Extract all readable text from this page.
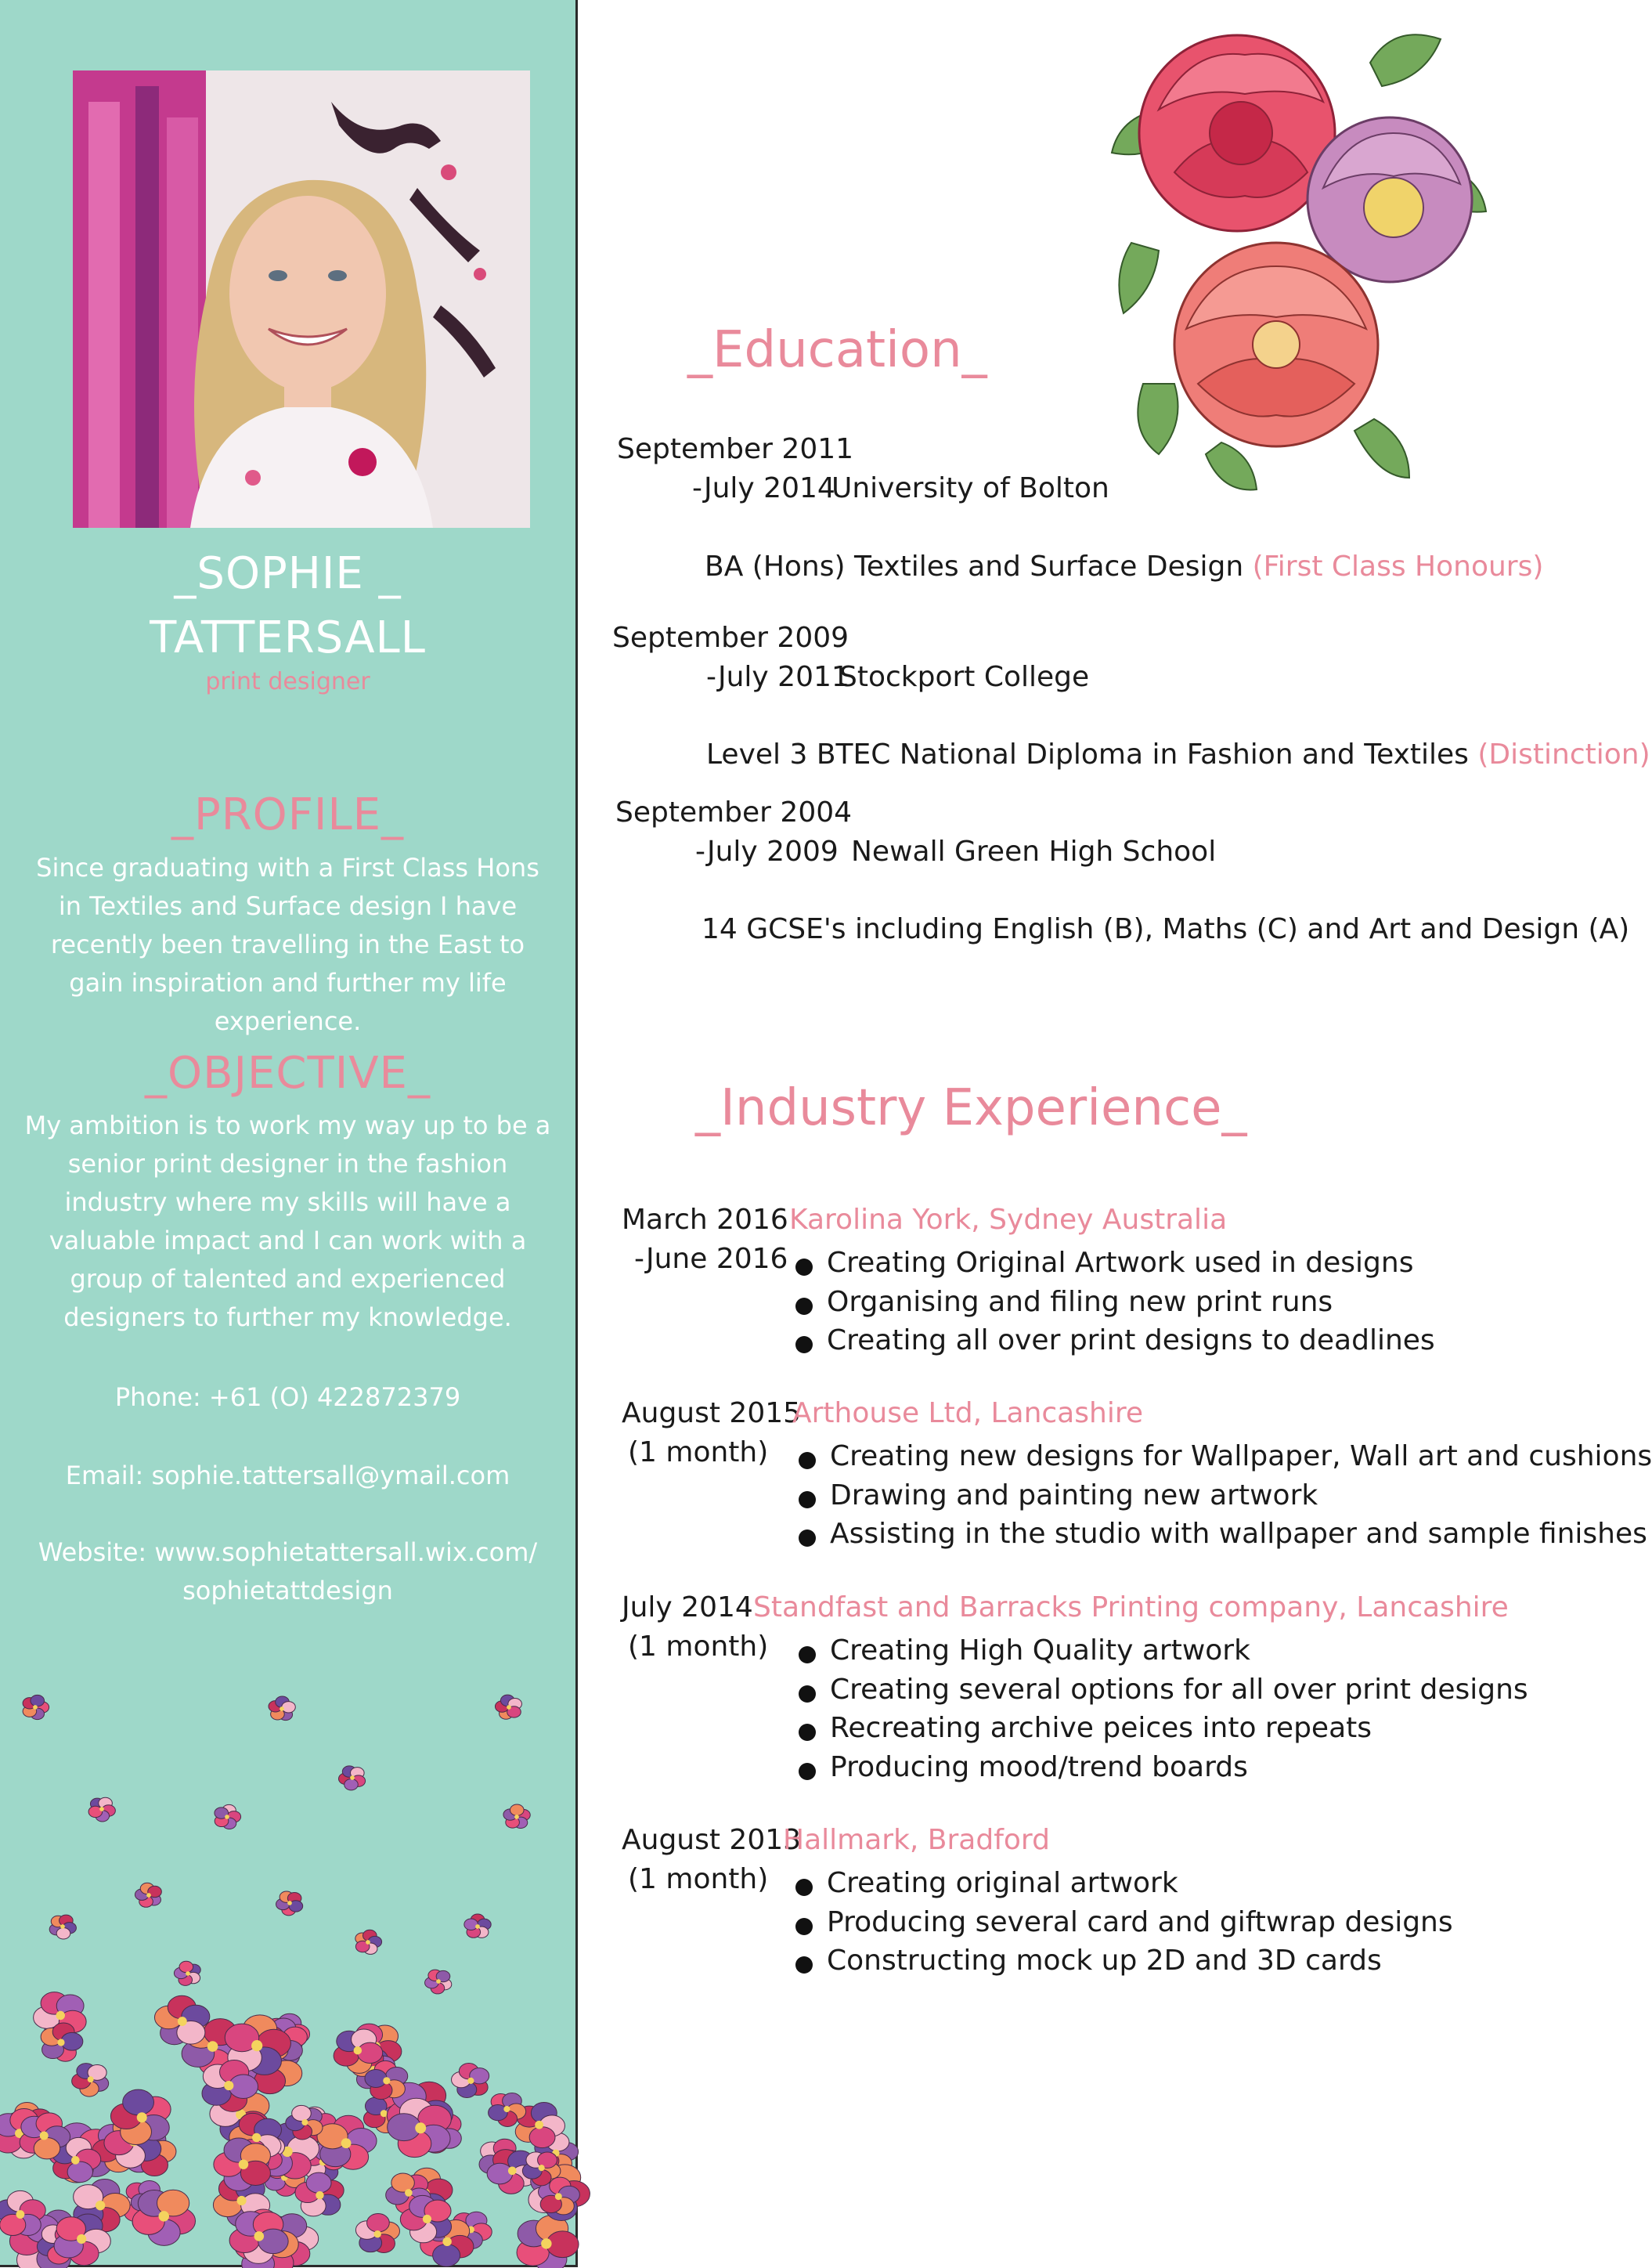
_SOPHIE _
TATTERSALL
print designer
_PROFILE_
Since graduating with a First Class Hons in Textiles and Surface design I have recently been travelling in the East to gain inspiration and further my life experience.
_OBJECTIVE_
My ambition is to work my way up to be a senior print designer in the fashion industry where my skills will have a valuable impact and I can work with a group of talented and experienced designers to further my knowledge.
Phone: +61 (O) 422872379
Email: sophie.tattersall@ymail.com
Website: www.sophietattersall.wix.com/
sophietattdesign
_Education_
September 2011
-July 2014
University of Bolton
BA (Hons) Textiles and Surface Design (First Class Honours)
September 2009
-July 2011
Stockport College
Level 3 BTEC National Diploma in Fashion and Textiles (Distinction)
September 2004
-July 2009 Newall Green High School
14 GCSE's including English (B), Maths (C) and Art and Design (A)
_Industry Experience_
March 2016 Karolina York, Sydney Australia
-June 2016	Creating Original Artwork used in designs
Organising and filing new print runs
Creating all over print designs to deadlines
August 2015
Arthouse Ltd, Lancashire
(1 month)	Creating new designs for Wallpaper, Wall art and cushions
Drawing and painting new artwork
Assisting in the studio with wallpaper and sample finishes
July 2014 Standfast and Barracks Printing company, Lancashire
(1 month)	Creating High Quality artwork
Creating several options for all over print designs
Recreating archive peices into repeats
Producing mood/trend boards
August 2013
Hallmark, Bradford
(1 month)	Creating original artwork
Producing several card and giftwrap designs
Constructing mock up 2D and 3D cards
